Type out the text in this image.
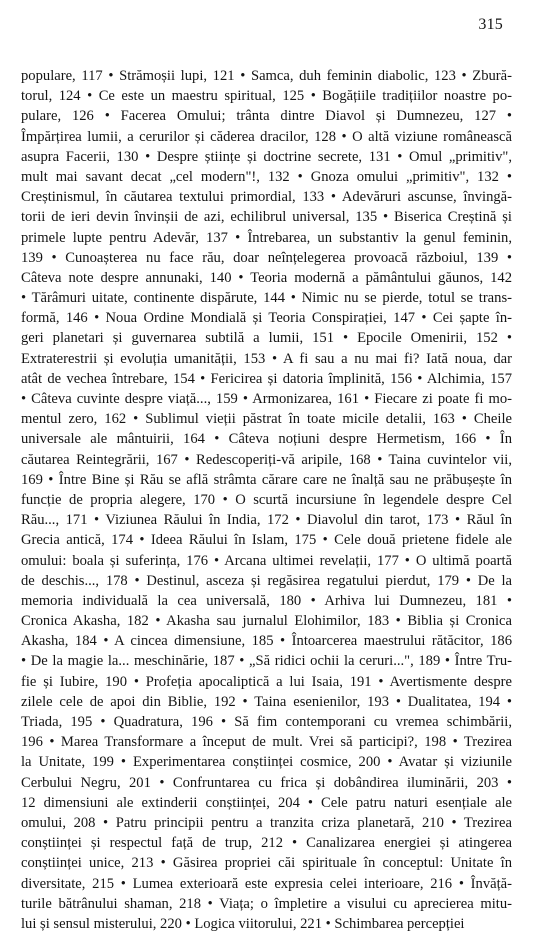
315
populare, 117 • Strămoșii lupi, 121 • Samca, duh feminin diabolic, 123 • Zbură-
torul, 124 • Ce este un maestru spiritual, 125 • Bogățiile tradițiilor noastre po-
pulare, 126 • Facerea Omului; trânta dintre Diavol și Dumnezeu, 127 •
Împărțirea lumii, a cerurilor și căderea dracilor, 128 • O altă viziune românească
asupra Facerii, 130 • Despre științe și doctrine secrete, 131 • Omul „primitiv",
mult mai savant decat „cel modern"!, 132 • Gnoza omului „primitiv", 132 •
Creștinismul, în căutarea textului primordial, 133 • Adevăruri ascunse, învingă-
torii de ieri devin învinșii de azi, echilibrul universal, 135 • Biserica Creștină și
primele lupte pentru Adevăr, 137 • Întrebarea, un substantiv la genul feminin,
139 • Cunoașterea nu face rău, doar neînțelegerea provoacă războiul, 139 •
Câteva note despre annunaki, 140 • Teoria modernă a pământului găunos, 142
• Tărâmuri uitate, continente dispărute, 144 • Nimic nu se pierde, totul se trans-
formă, 146 • Noua Ordine Mondială și Teoria Conspirației, 147 • Cei șapte în-
geri planetari și guvernarea subtilă a lumii, 151 • Epocile Omenirii, 152 •
Extraterestrii și evoluția umanității, 153 • A fi sau a nu mai fi? Iată noua, dar
atât de vechea întrebare, 154 • Fericirea și datoria împlinită, 156 • Alchimia, 157
• Câteva cuvinte despre viață..., 159 • Armonizarea, 161 • Fiecare zi poate fi mo-
mentul zero, 162 • Sublimul vieții păstrat în toate micile detalii, 163 • Cheile
universale ale mântuirii, 164 • Câteva noțiuni despre Hermetism, 166 • În
căutarea Reintegrării, 167 • Redescoperiți-vă aripile, 168 • Taina cuvintelor vii,
169 • Între Bine și Rău se află strâmta cărare care ne înalță sau ne prăbușește în
funcție de propria alegere, 170 • O scurtă incursiune în legendele despre Cel
Rău..., 171 • Viziunea Răului în India, 172 • Diavolul din tarot, 173 • Răul în
Grecia antică, 174 • Ideea Răului în Islam, 175 • Cele două prietene fidele ale
omului: boala și suferința, 176 • Arcana ultimei revelații, 177 • O ultimă poartă
de deschis..., 178 • Destinul, asceza și regăsirea regatului pierdut, 179 • De la
memoria individuală la cea universală, 180 • Arhiva lui Dumnezeu, 181 •
Cronica Akasha, 182 • Akasha sau jurnalul Elohimilor, 183 • Biblia și Cronica
Akasha, 184 • A cincea dimensiune, 185 • Întoarcerea maestrului rătăcitor, 186
• De la magie la... meschinărie, 187 • „Să ridici ochii la ceruri...", 189 • Între Tru-
fie și Iubire, 190 • Profeția apocaliptică a lui Isaia, 191 • Avertismente despre
zilele cele de apoi din Biblie, 192 • Taina esenienilor, 193 • Dualitatea, 194 •
Triada, 195 • Quadratura, 196 • Să fim contemporani cu vremea schimbării,
196 • Marea Transformare a început de mult. Vrei să participi?, 198 • Trezirea
la Unitate, 199 • Experimentarea conștiinței cosmice, 200 • Avatar și viziunile
Cerbului Negru, 201 • Confruntarea cu frica și dobândirea iluminării, 203 •
12 dimensiuni ale extinderii conștiinței, 204 • Cele patru naturi esențiale ale
omului, 208 • Patru principii pentru a tranzita criza planetară, 210 • Trezirea
conștiinței și respectul față de trup, 212 • Canalizarea energiei și atingerea
conștiinței unice, 213 • Găsirea propriei căi spirituale în conceptul: Unitate în
diversitate, 215 • Lumea exterioară este expresia celei interioare, 216 • Învăță-
turile bătrânului shaman, 218 • Viața; o împletire a visului cu aprecierea mitu-
lui și sensul misterului, 220 • Logica viitorului, 221 • Schimbarea percepției
